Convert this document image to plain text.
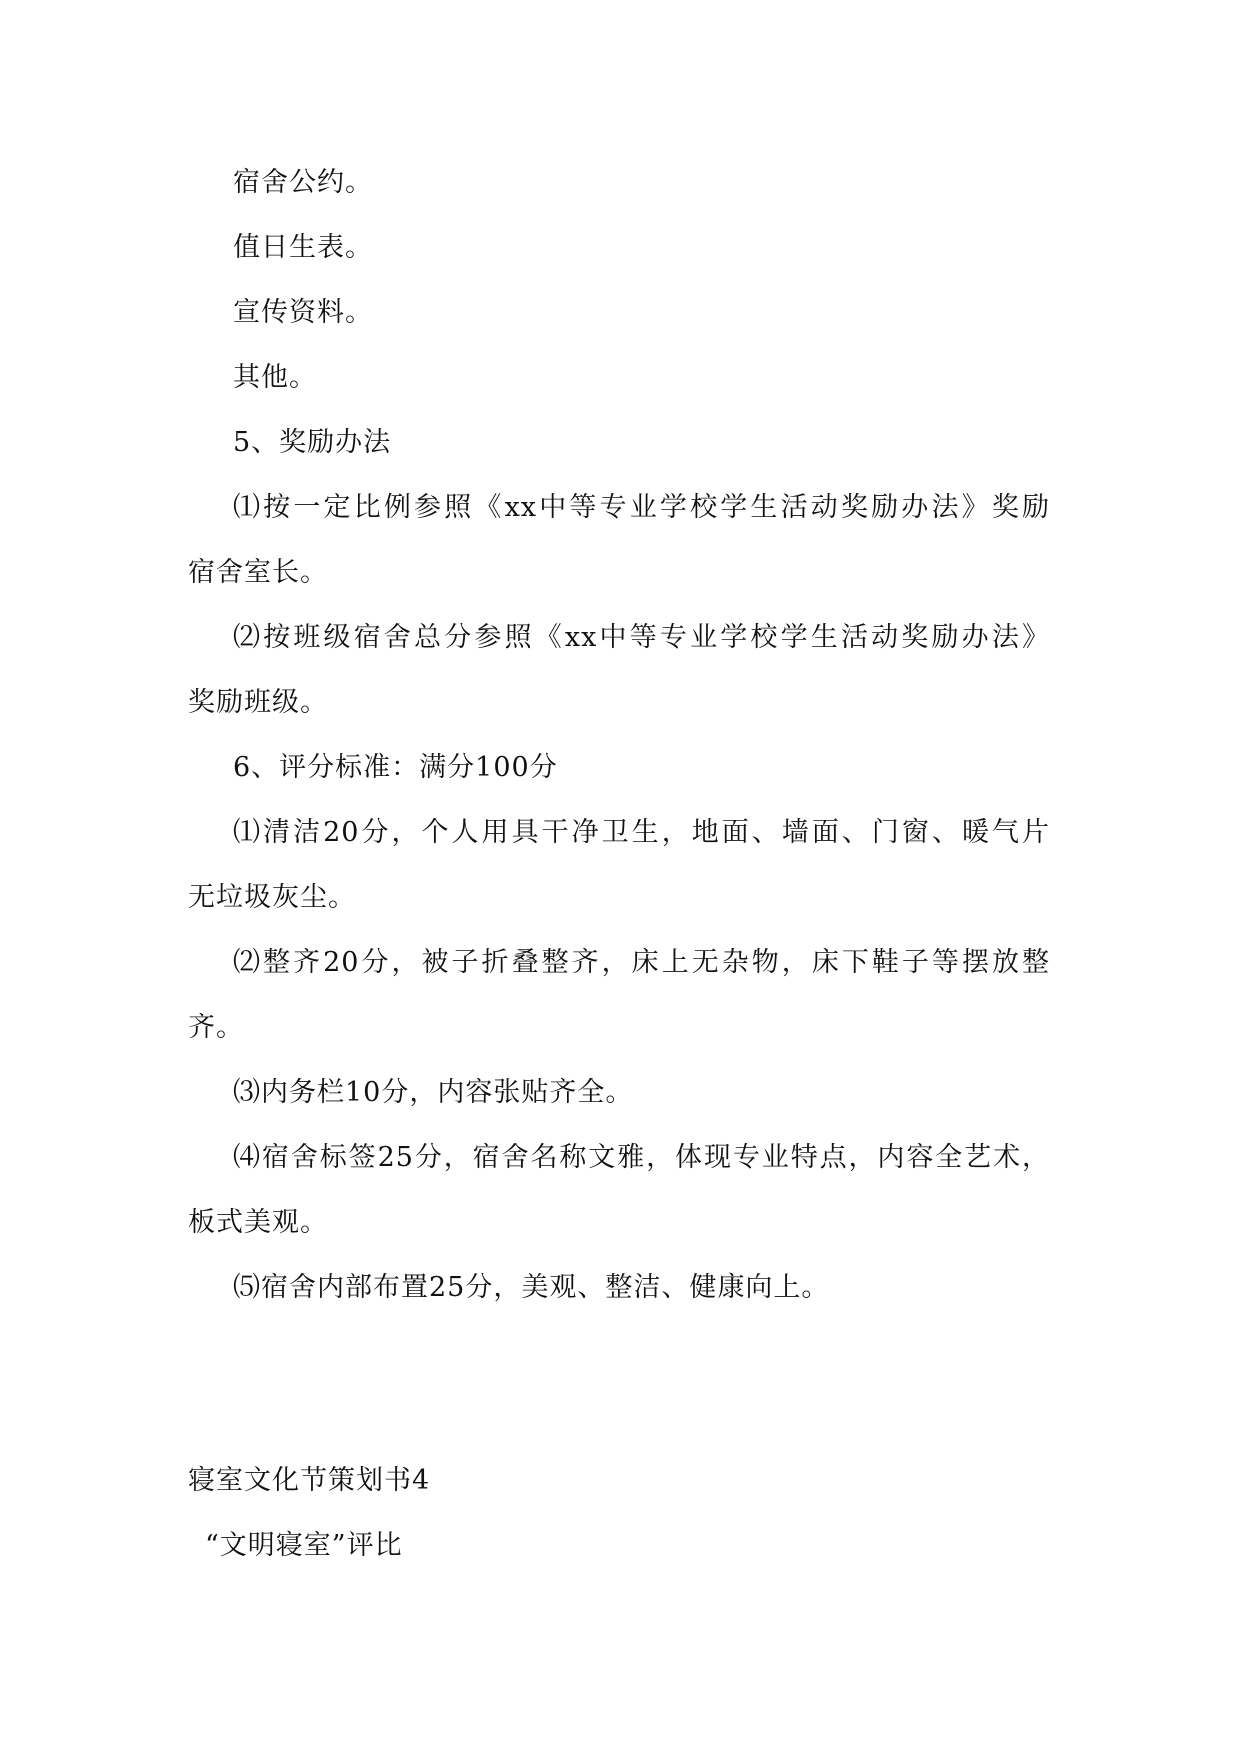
宿舍公约。
值日生表。
宣传资料。
其他。
5、奖励办法
⑴按一定比例参照《xx中等专业学校学生活动奖励办法》奖励
宿舍室长。
⑵按班级宿舍总分参照《xx中等专业学校学生活动奖励办法》
奖励班级。
6、评分标准：满分100分
⑴清洁20分，个人用具干净卫生，地面、墙面、门窗、暖气片
无垃圾灰尘。
⑵整齐20分，被子折叠整齐，床上无杂物，床下鞋子等摆放整
齐。
⑶内务栏10分，内容张贴齐全。
⑷宿舍标签25分，宿舍名称文雅，体现专业特点，内容全艺术，
板式美观。
⑸宿舍内部布置25分，美观、整洁、健康向上。
寝室文化节策划书4
“文明寝室”评比
